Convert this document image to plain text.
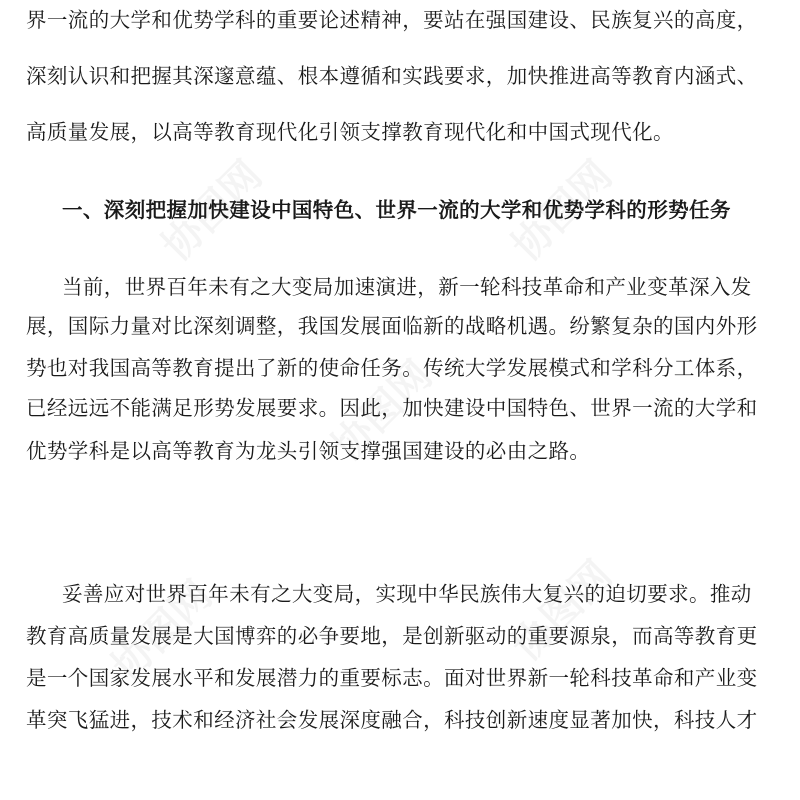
协图网	协图网
协图网
协图网	协图网
界一流的大学和优势学科的重要论述精神，要站在强国建设、民族复兴的高度，
深刻认识和把握其深邃意蕴、根本遵循和实践要求，加快推进高等教育内涵式、
高质量发展，以高等教育现代化引领支撑教育现代化和中国式现代化。
一、深刻把握加快建设中国特色、世界一流的大学和优势学科的形势任务
当前，世界百年未有之大变局加速演进，新一轮科技革命和产业变革深入发
展，国际力量对比深刻调整，我国发展面临新的战略机遇。纷繁复杂的国内外形
势也对我国高等教育提出了新的使命任务。传统大学发展模式和学科分工体系，
已经远远不能满足形势发展要求。因此，加快建设中国特色、世界一流的大学和
优势学科是以高等教育为龙头引领支撑强国建设的必由之路。
妥善应对世界百年未有之大变局，实现中华民族伟大复兴的迫切要求。推动
教育高质量发展是大国博弈的必争要地，是创新驱动的重要源泉，而高等教育更
是一个国家发展水平和发展潜力的重要标志。面对世界新一轮科技革命和产业变
革突飞猛进，技术和经济社会发展深度融合，科技创新速度显著加快，科技人才
